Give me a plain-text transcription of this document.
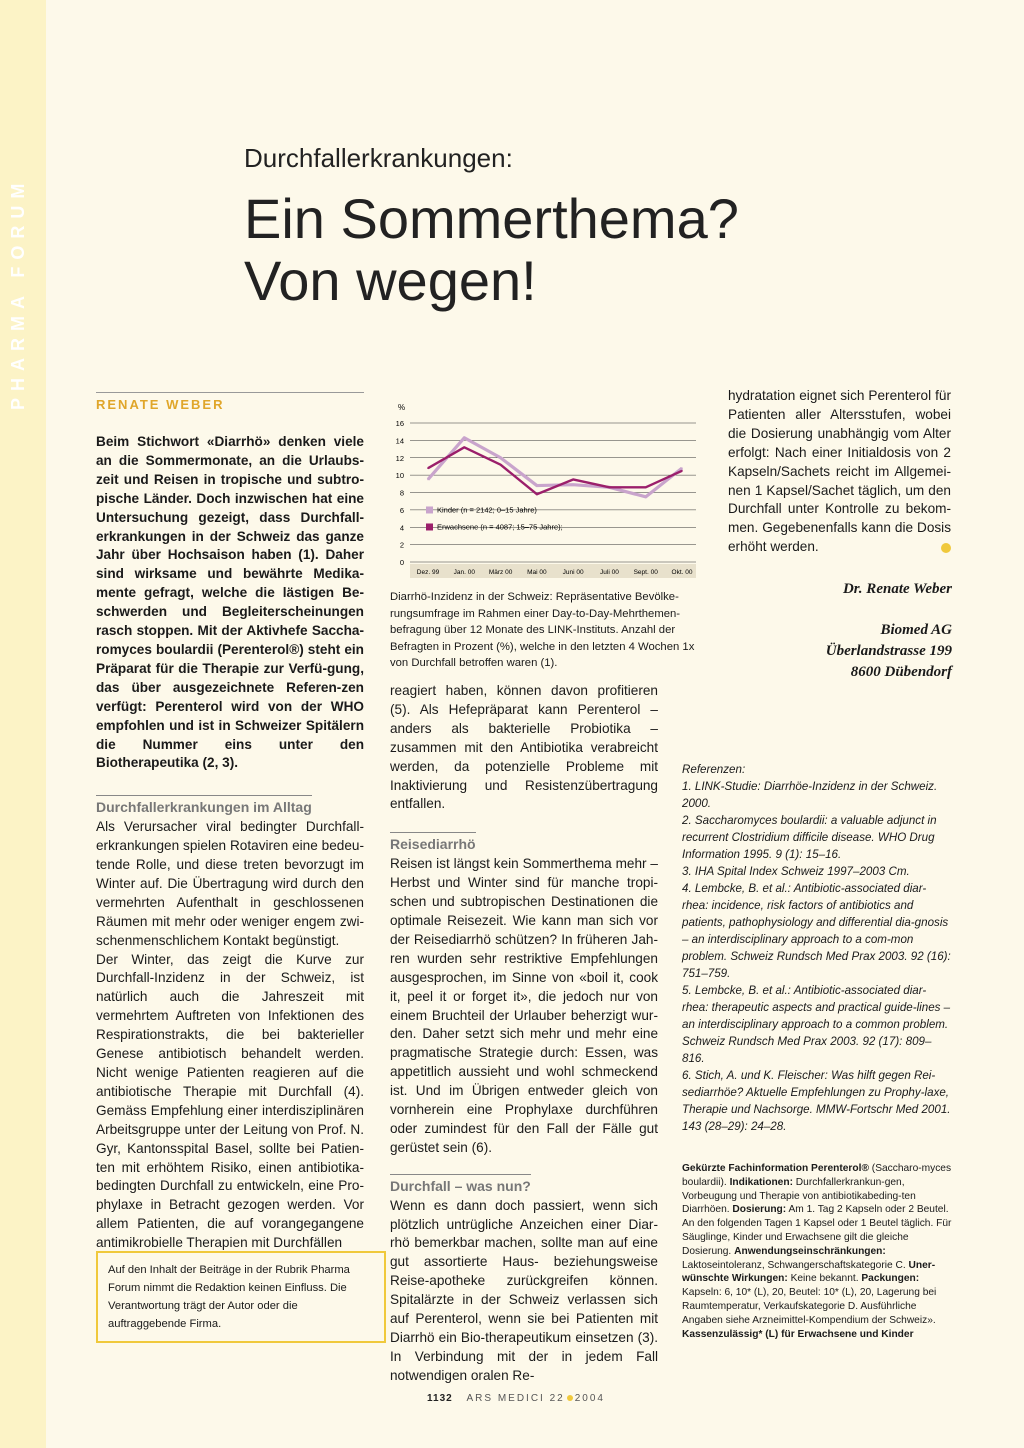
PHARMA FORUM
Durchfallerkrankungen:
Ein Sommerthema?
Von wegen!
RENATE WEBER

Beim Stichwort «Diarrhö» denken viele an die Sommermonate, an die Urlaubs-zeit und Reisen in tropische und subtro-pische Länder. Doch inzwischen hat eine Untersuchung gezeigt, dass Durchfall-erkrankungen in der Schweiz das ganze Jahr über Hochsaison haben (1). Daher sind wirksame und bewährte Medika-mente gefragt, welche die lästigen Be-schwerden und Begleiterscheinungen rasch stoppen. Mit der Aktivhefe Saccha-romyces boulardii (Perenterol®) steht ein Präparat für die Therapie zur Verfü-gung, das über ausgezeichnete Referen-zen verfügt: Perenterol wird von der WHO empfohlen und ist in Schweizer Spitälern die Nummer eins unter den Biotherapeutika (2, 3).

Durchfallerkrankungen im Alltag

Als Verursacher viral bedingter Durchfall-erkrankungen spielen Rotaviren eine bedeu-tende Rolle, und diese treten bevorzugt im Winter auf. Die Übertragung wird durch den vermehrten Aufenthalt in geschlossenen Räumen mit mehr oder weniger engem zwi-schenmenschlichem Kontakt begünstigt.

Der Winter, das zeigt die Kurve zur Durchfall-Inzidenz in der Schweiz, ist natürlich auch die Jahreszeit mit vermehrtem Auftreten von Infektionen des Respirationstrakts, die bei bakterieller Genese antibiotisch behandelt werden. Nicht wenige Patienten reagieren auf die antibiotische Therapie mit Durchfall (4). Gemäss Empfehlung einer interdisziplinären Arbeitsgruppe unter der Leitung von Prof. N. Gyr, Kantonsspital Basel, sollte bei Patien-ten mit erhöhtem Risiko, einen antibiotika-bedingten Durchfall zu entwickeln, eine Pro-phylaxe in Betracht gezogen werden. Vor allem Patienten, die auf vorangegangene antimikrobielle Therapien mit Durchfällen

Auf den Inhalt der Beiträge in der Rubrik Pharma Forum nimmt die Redaktion keinen Einfluss. Die Verantwortung trägt der Autor oder die auftraggebende Firma.
%
0
2
4
6
8
10
12
14
16
Dez. 99 Jan. 00 März 00 Mai 00 Juni 00	Juli 00 Sept. 00 Okt. 00
Kinder (n = 2142; 0–15 Jahre)
Erwachsene (n = 4087; 15–75 Jahre);
Diarrhö-Inzidenz in der Schweiz: Repräsentative Bevölke-rungsumfrage im Rahmen einer Day-to-Day-Mehrthemen-befragung über 12 Monate des LINK-Instituts. Anzahl der Befragten in Prozent (%), welche in den letzten 4 Wochen 1x von Durchfall betroffen waren (1).

reagiert haben, können davon profitieren (5). Als Hefepräparat kann Perenterol – anders als bakterielle Probiotika – zusammen mit den Antibiotika verabreicht werden, da potenzielle Probleme mit Inaktivierung und Resistenzübertragung entfallen.

Reisediarrhö

Reisen ist längst kein Sommerthema mehr – Herbst und Winter sind für manche tropi-schen und subtropischen Destinationen die optimale Reisezeit. Wie kann man sich vor der Reisediarrhö schützen? In früheren Jah-ren wurden sehr restriktive Empfehlungen ausgesprochen, im Sinne von «boil it, cook it, peel it or forget it», die jedoch nur von einem Bruchteil der Urlauber beherzigt wur-den. Daher setzt sich mehr und mehr eine pragmatische Strategie durch: Essen, was appetitlich aussieht und wohl schmeckend ist. Und im Übrigen entweder gleich von vornherein eine Prophylaxe durchführen oder zumindest für den Fall der Fälle gut gerüstet sein (6).

Durchfall – was nun?

Wenn es dann doch passiert, wenn sich plötzlich untrügliche Anzeichen einer Diar-rhö bemerkbar machen, sollte man auf eine gut assortierte Haus- beziehungsweise Reise-apotheke zurückgreifen können. Spitalärzte in der Schweiz verlassen sich auf Perenterol, wenn sie bei Patienten mit Diarrhö ein Bio-therapeutikum einsetzen (3). In Verbindung mit der in jedem Fall notwendigen oralen Re-

hydratation eignet sich Perenterol für Patienten aller Altersstufen, wobei die Dosierung unabhängig vom Alter erfolgt: Nach einer Initialdosis von 2 Kapseln/Sachets reicht im Allgemei-nen 1 Kapsel/Sachet täglich, um den Durchfall unter Kontrolle zu bekom-men. Gegebenenfalls kann die Dosis erhöht werden.

Dr. Renate Weber
Biomed AG
Überlandstrasse 199
8600 Dübendorf

Referenzen:

1. LINK-Studie: Diarrhöe-Inzidenz in der Schweiz. 2000.

2. Saccharomyces boulardii: a valuable adjunct in recurrent Clostridium difficile disease. WHO Drug Information 1995. 9 (1): 15–16.

3. IHA Spital Index Schweiz 1997–2003 Cm.

4. Lembcke, B. et al.: Antibiotic-associated diar-rhea: incidence, risk factors of antibiotics and patients, pathophysiology and differential dia-gnosis – an interdisciplinary approach to a com-mon problem. Schweiz Rundsch Med Prax 2003. 92 (16): 751–759.

5. Lembcke, B. et al.: Antibiotic-associated diar-rhea: therapeutic aspects and practical guide-lines – an interdisciplinary approach to a common problem. Schweiz Rundsch Med Prax 2003. 92 (17): 809–816.

6. Stich, A. und K. Fleischer: Was hilft gegen Rei-sediarrhöe? Aktuelle Empfehlungen zu Prophy-laxe, Therapie und Nachsorge. MMW-Fortschr Med 2001. 143 (28–29): 24–28.

Gekürzte Fachinformation Perenterol® (Saccharo-myces boulardii). Indikationen: Durchfallerkrankun-gen, Vorbeugung und Therapie von antibiotikabeding-ten Diarrhöen. Dosierung: Am 1. Tag 2 Kapseln oder 2 Beutel. An den folgenden Tagen 1 Kapsel oder 1 Beutel täglich. Für Säuglinge, Kinder und Erwachsene gilt die gleiche Dosierung. Anwendungseinschränkungen: Laktoseintoleranz, Schwangerschaftskategorie C. Uner-wünschte Wirkungen: Keine bekannt. Packungen: Kapseln: 6, 10* (L), 20, Beutel: 10* (L), 20, Lagerung bei Raumtemperatur, Verkaufskategorie D. Ausführliche Angaben siehe Arzneimittel-Kompendium der Schweiz». Kassenzulässig* (L) für Erwachsene und Kinder
1132 ARS MEDICI 22 2004
